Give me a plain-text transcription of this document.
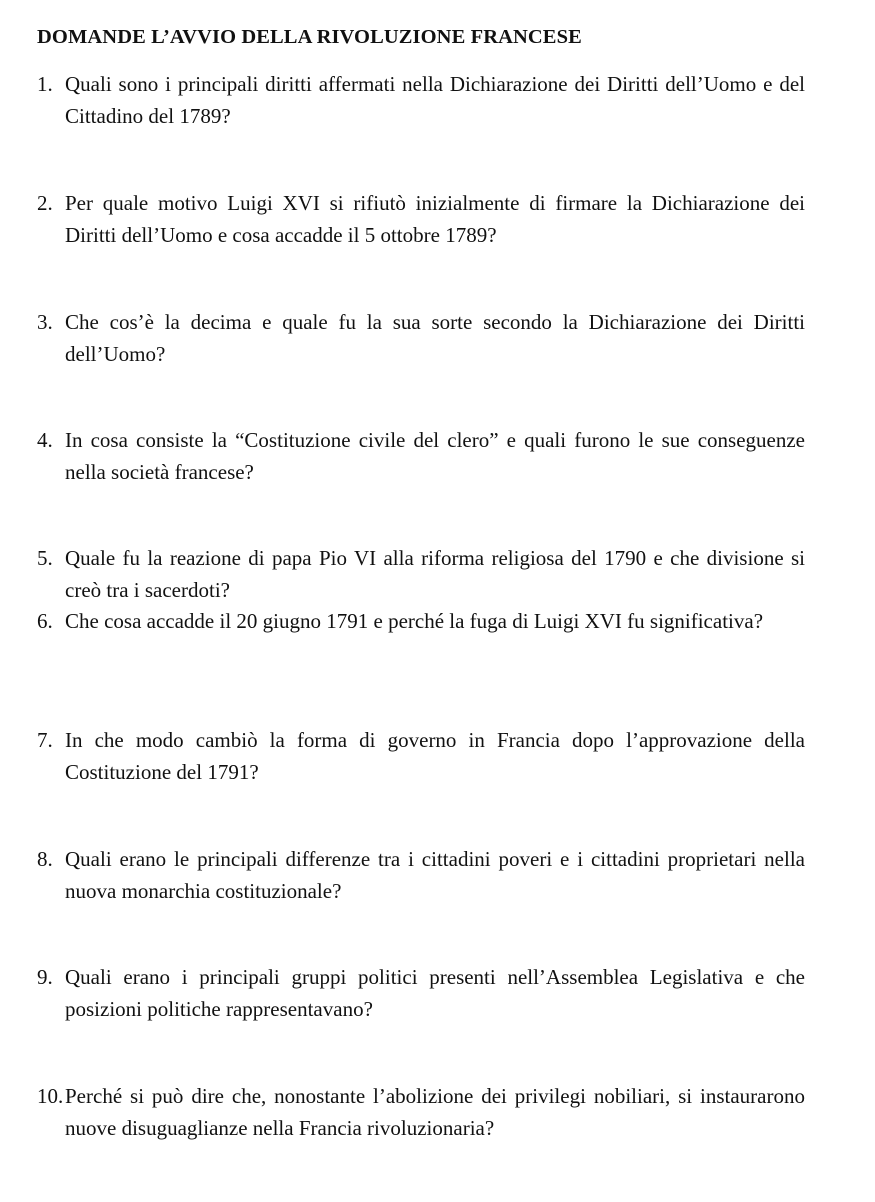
DOMANDE L’AVVIO DELLA RIVOLUZIONE FRANCESE
1. Quali sono i principali diritti affermati nella Dichiarazione dei Diritti dell’Uomo e del Cittadino del 1789?
2. Per quale motivo Luigi XVI si rifiutò inizialmente di firmare la Dichiarazione dei Diritti dell’Uomo e cosa accadde il 5 ottobre 1789?
3. Che cos’è la decima e quale fu la sua sorte secondo la Dichiarazione dei Diritti dell’Uomo?
4. In cosa consiste la “Costituzione civile del clero” e quali furono le sue conseguenze nella società francese?
5. Quale fu la reazione di papa Pio VI alla riforma religiosa del 1790 e che divisione si creò tra i sacerdoti?
6. Che cosa accadde il 20 giugno 1791 e perché la fuga di Luigi XVI fu significativa?
7. In che modo cambiò la forma di governo in Francia dopo l’approvazione della Costituzione del 1791?
8. Quali erano le principali differenze tra i cittadini poveri e i cittadini proprietari nella nuova monarchia costituzionale?
9. Quali erano i principali gruppi politici presenti nell’Assemblea Legislativa e che posizioni politiche rappresentavano?
10. Perché si può dire che, nonostante l’abolizione dei privilegi nobiliari, si instaurarono nuove disuguaglianze nella Francia rivoluzionaria?
